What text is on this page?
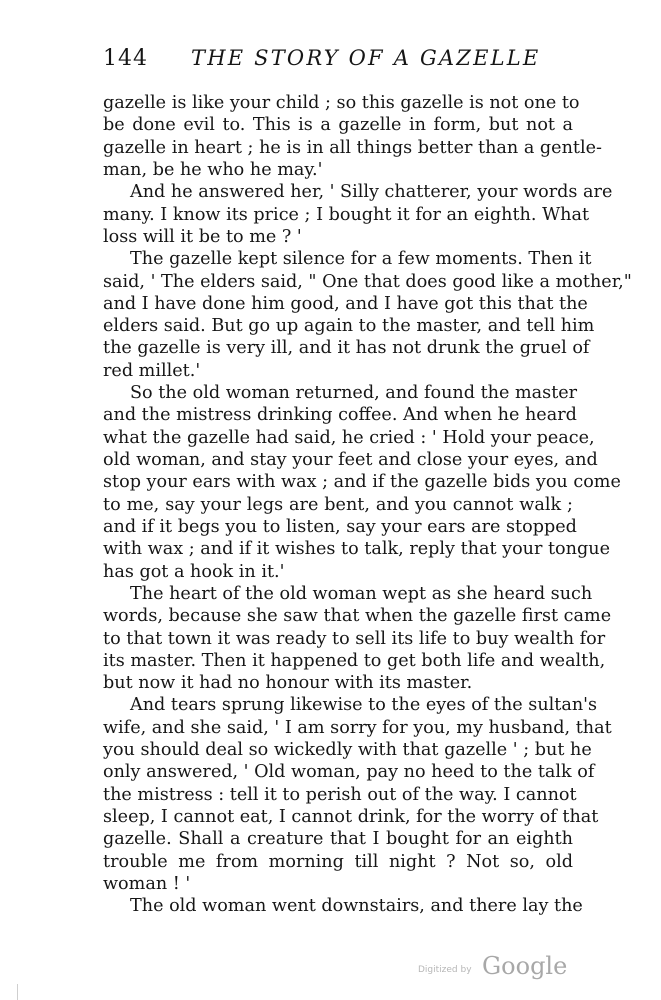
144 THE STORY OF A GAZELLE
gazelle is like your child ; so this gazelle is not one to
be done evil to. This is a gazelle in form, but not a
gazelle in heart ; he is in all things better than a gentle-
man, be he who he may.'
And he answered her, ' Silly chatterer, your words are
many. I know its price ; I bought it for an eighth. What
loss will it be to me ? '
The gazelle kept silence for a few moments. Then it
said, ' The elders said, " One that does good like a mother,"
and I have done him good, and I have got this that the
elders said. But go up again to the master, and tell him
the gazelle is very ill, and it has not drunk the gruel of
red millet.'
So the old woman returned, and found the master
and the mistress drinking coffee. And when he heard
what the gazelle had said, he cried : ' Hold your peace,
old woman, and stay your feet and close your eyes, and
stop your ears with wax ; and if the gazelle bids you come
to me, say your legs are bent, and you cannot walk ;
and if it begs you to listen, say your ears are stopped
with wax ; and if it wishes to talk, reply that your tongue
has got a hook in it.'
The heart of the old woman wept as she heard such
words, because she saw that when the gazelle first came
to that town it was ready to sell its life to buy wealth for
its master. Then it happened to get both life and wealth,
but now it had no honour with its master.
And tears sprung likewise to the eyes of the sultan's
wife, and she said, ' I am sorry for you, my husband, that
you should deal so wickedly with that gazelle ' ; but he
only answered, ' Old woman, pay no heed to the talk of
the mistress : tell it to perish out of the way. I cannot
sleep, I cannot eat, I cannot drink, for the worry of that
gazelle. Shall a creature that I bought for an eighth
trouble me from morning till night ? Not so, old
woman ! '
The old woman went downstairs, and there lay the
Digitized by Google
